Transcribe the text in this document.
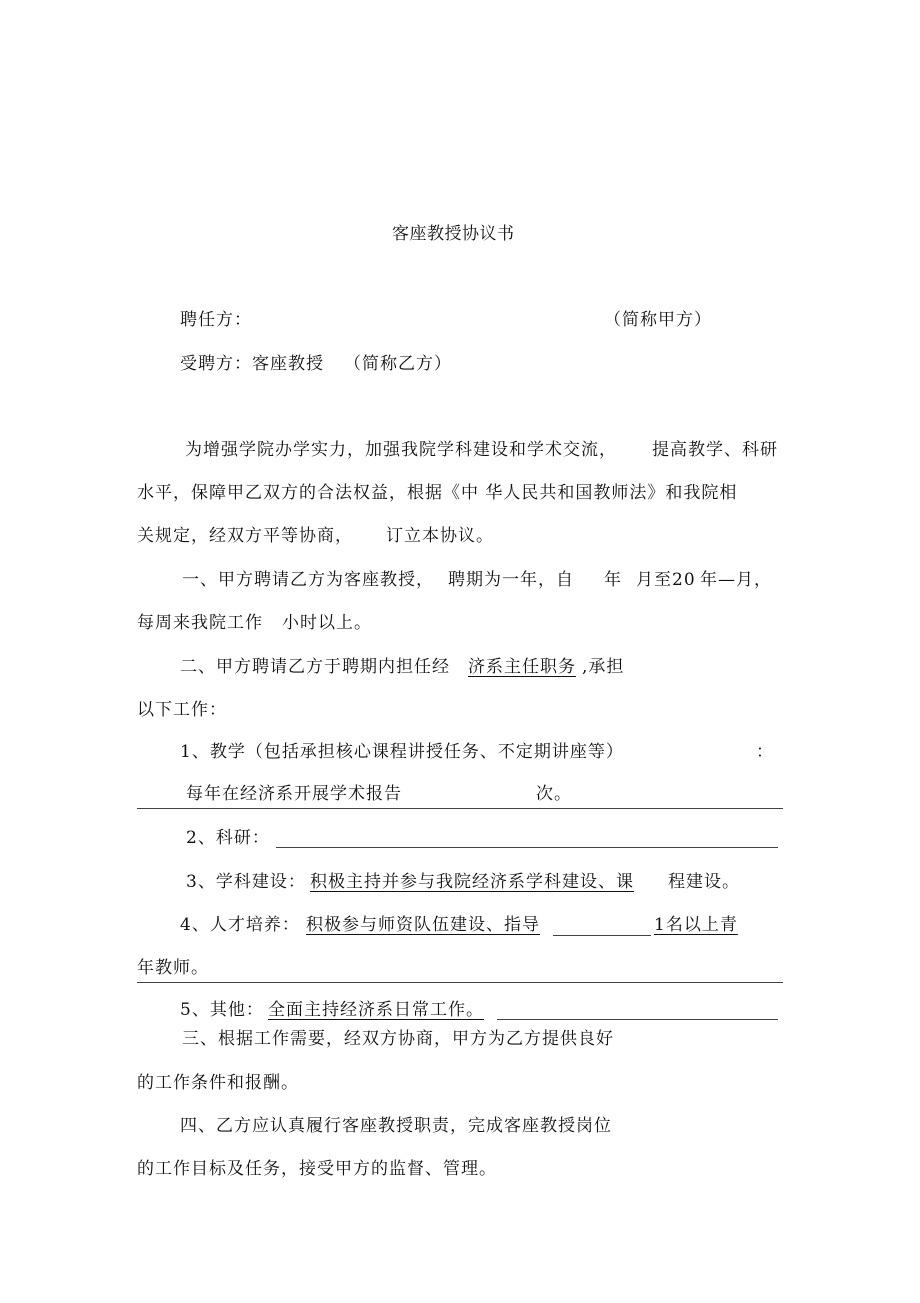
客座教授协议书
聘任方：	（简称甲方）
受聘方：客座教授 （简称乙方）
为增强学院办学实力，加强我院学科建设和学术交流， 提高教学、科研
水平，保障甲乙双方的合法权益，根据《中 华人民共和国教师法》和我院相
关规定，经双方平等协商， 订立本协议。
一、甲方聘请乙方为客座教授， 聘期为一年，自 年 月至20 年—月，
每周来我院工作 小时以上。
二、甲方聘请乙方于聘期内担任经 济系主任职务 ,承担
以下工作：
1、教学（包括承担核心课程讲授任务、不定期讲座等）	：
每年在经济系开展学术报告	次。
2、科研：
3、学科建设： 积极主持并参与我院经济系学科建设、课 程建设。
4、人才培养： 积极参与师资队伍建设、指导	1名以上青
年教师。
5、其他： 全面主持经济系日常工作。
三、根据工作需要，经双方协商，甲方为乙方提供良好
的工作条件和报酬。
四、乙方应认真履行客座教授职责，完成客座教授岗位
的工作目标及任务，接受甲方的监督、管理。
